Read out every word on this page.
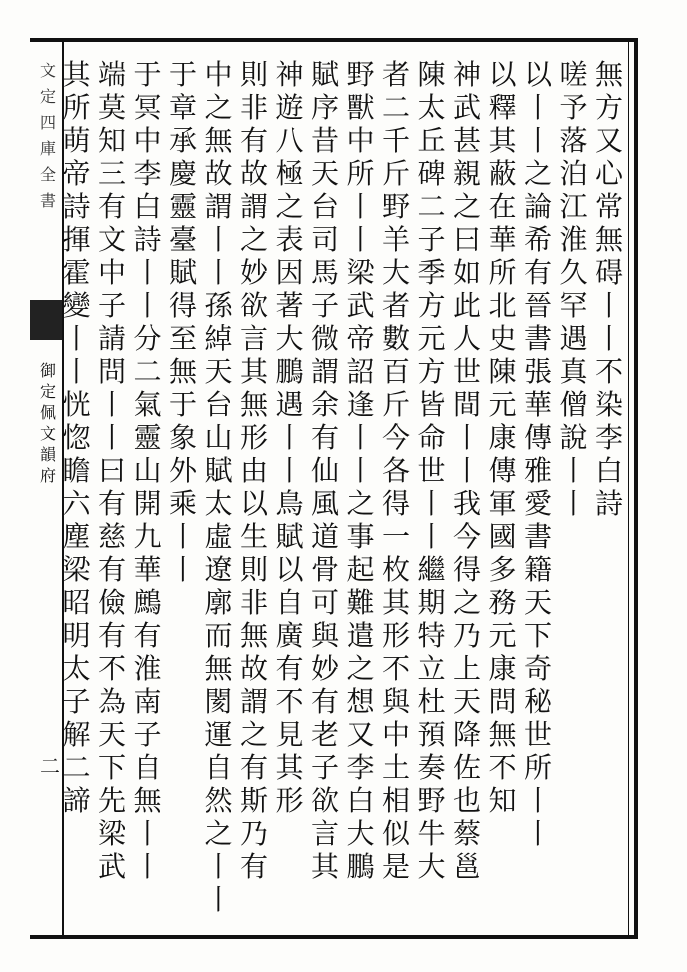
文定四庫全書
御定佩文韻府
二
無
方
又
心
常
無
碍
丨
丨
不
染
李
白
詩
嗟
予
落
泊
江
淮
久
罕
遇
真
僧
說
丨
丨
以
丨
丨
之
論
希
有
晉
書
張
華
傳
雅
愛
書
籍
天
下
奇
秘
世
所
丨
丨
以
釋
其
蔽
在
華
所
北
史
陳
元
康
傳
軍
國
多
務
元
康
問
無
不
知
神
武
甚
親
之
曰
如
此
人
世
間
丨
丨
我
今
得
之
乃
上
天
降
佐
也
蔡
邕
陳
太
丘
碑
二
子
季
方
元
方
皆
命
世
丨
丨
繼
期
特
立
杜
預
奏
野
牛
大
者
二
千
斤
野
羊
大
者
數
百
斤
今
各
得
一
枚
其
形
不
與
中
土
相
似
是
野
獸
中
所
丨
丨
梁
武
帝
詔
逢
丨
丨
之
事
起
難
遣
之
想
又
李
白
大
鵬
賦
序
昔
天
台
司
馬
子
微
謂
余
有
仙
風
道
骨
可
與
妙
有
老
子
欲
言
其
神
遊
八
極
之
表
因
著
大
鵬
遇
丨
丨
鳥
賦
以
自
廣
有
不
見
其
形
則
非
有
故
謂
之
妙
欲
言
其
無
形
由
以
生
則
非
無
故
謂
之
有
斯
乃
有
中
之
無
故
謂
丨
丨
孫
綽
天
台
山
賦
太
虛
遼
廓
而
無
閡
運
自
然
之
丨
丨
于
章
承
慶
靈
臺
賦
得
至
無
于
象
外
乘
丨
丨
于
冥
中
李
白
詩
丨
丨
分
二
氣
靈
山
開
九
華
鷓
有
淮
南
子
自
無
丨
丨
端
莫
知
三
有
文
中
子
請
問
丨
丨
曰
有
慈
有
儉
有
不
為
天
下
先
梁
武
其
所
萌
帝
詩
揮
霍
變
丨
丨
恍
惚
瞻
六
塵
梁
昭
明
太
子
解
二
諦
